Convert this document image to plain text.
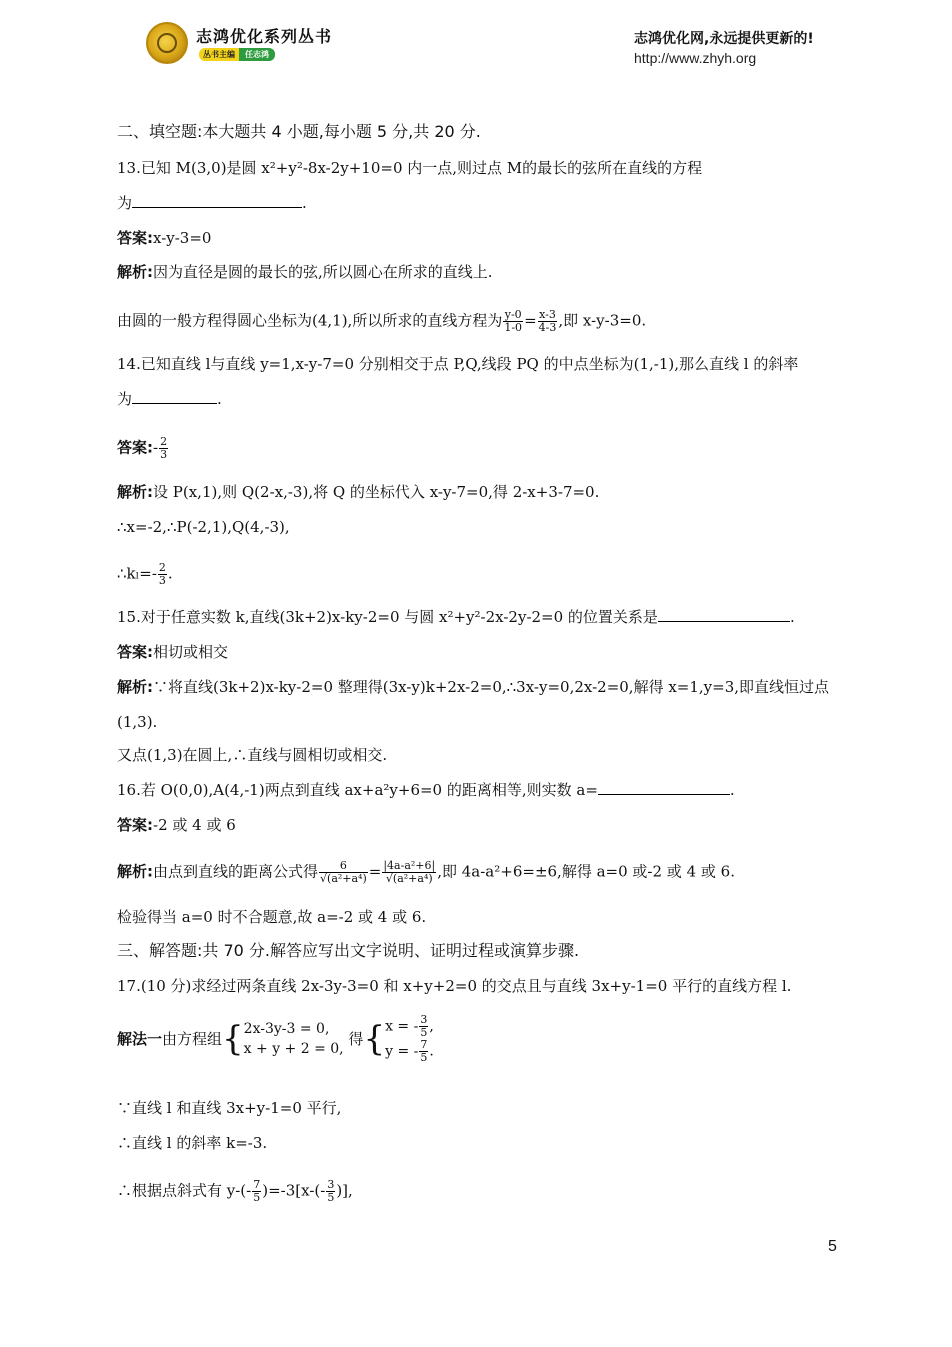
志鸿优化系列丛书
丛书主编	任志鸿
志鸿优化网,永远提供更新的!
http://www.zhyh.org
二、填空题:本大题共 4 小题,每小题 5 分,共 20 分.
13.已知 M(3,0)是圆 x²+y²-8x-2y+10=0 内一点,则过点 M的最长的弦所在直线的方程
为	.
答案:x-y-3=0
解析:因为直径是圆的最长的弦,所以圆心在所求的直线上.
由圆的一般方程得圆心坐标为(4,1),所以所求的直线方程为 $\frac{y-0}{1-0} = \frac{x-3}{4-3}$ ,即 x-y-3=0.
14.已知直线 l与直线 y=1,x-y-7=0 分别相交于点 P,Q,线段 PQ 的中点坐标为(1,-1),那么直线 l 的斜率
为	.
答案:- $\frac{2}{3}$
解析:设 P(x,1),则 Q(2-x,-3),将 Q 的坐标代入 x-y-7=0,得 2-x+3-7=0.
∴x=-2,∴P(-2,1),Q(4,-3),
∴kₗ=- $\frac{2}{3}$ .
15.对于任意实数 k,直线(3k+2)x-ky-2=0 与圆 x²+y²-2x-2y-2=0 的位置关系是	.
答案:相切或相交
解析:∵将直线(3k+2)x-ky-2=0 整理得(3x-y)k+2x-2=0,∴3x-y=0,2x-2=0,解得 x=1,y=3,即直线恒过点
(1,3).
又点(1,3)在圆上,∴直线与圆相切或相交.
16.若 O(0,0),A(4,-1)两点到直线 ax+a²y+6=0 的距离相等,则实数 a=	.
答案:-2 或 4 或 6
解析:由点到直线的距离公式得 $\frac{6}{\text{√(a²+a⁴)}} = \frac{\text{|4a-a²+6|}}{\text{√(a²+a⁴)}}$ ,即 4a-a²+6=±6,解得 a=0 或-2 或 4 或 6.
检验得当 a=0 时不合题意,故 a=-2 或 4 或 6.
三、解答题:共 70 分.解答应写出文字说明、证明过程或演算步骤.
17.(10 分)求经过两条直线 2x-3y-3=0 和 x+y+2=0 的交点且与直线 3x+y-1=0 平行的直线方程 l.
解法一由方程组{ 2x-3y-3 = 0,
x + y + 2 = 0,
得{ x = - $\frac{3}{5}$ ,
y = - $\frac{7}{5}$ .
∵直线 l 和直线 3x+y-1=0 平行,
∴直线 l 的斜率 k=-3.
∴根据点斜式有 $y-(- \frac{7}{5} )=-3[x-(- \frac{3}{5}$ )],
5
